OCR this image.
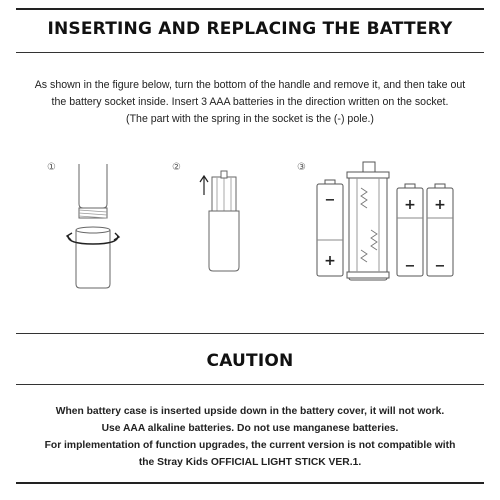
INSERTING AND REPLACING THE BATTERY
As shown in the figure below, turn the bottom of the handle and remove it, and then take out
the battery socket inside. Insert 3 AAA batteries in the direction written on the socket.
(The part with the spring in the socket is the (-) pole.)
①	②	③
−
+
+
−
+
−
CAUTION
When battery case is inserted upside down in the battery cover, it will not work.
Use AAA alkaline batteries. Do not use manganese batteries.
For implementation of function upgrades, the current version is not compatible with
the Stray Kids OFFICIAL LIGHT STICK VER.1.
